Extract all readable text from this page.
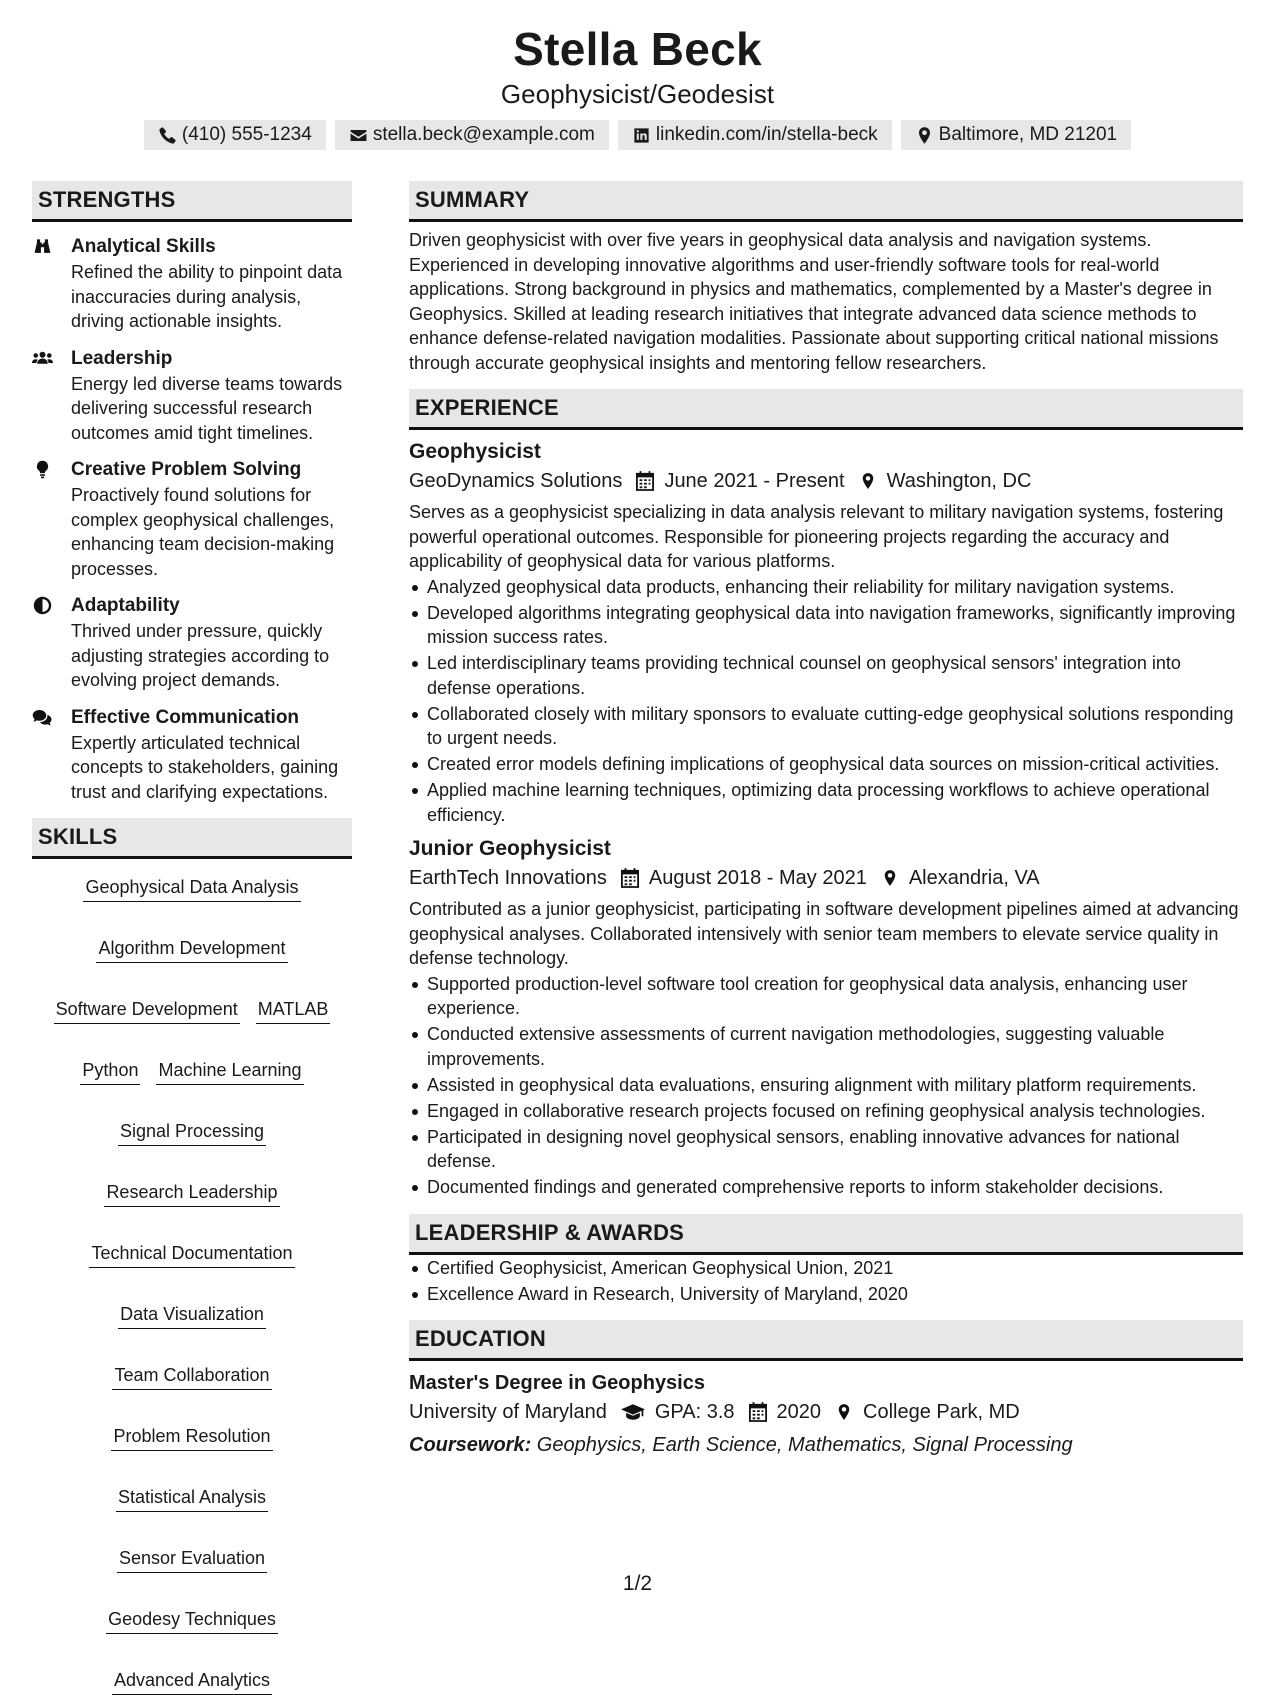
Stella Beck
Geophysicist/Geodesist
(410) 555-1234	stella.beck@example.com	linkedin.com/in/stella-beck	Baltimore, MD 21201
STRENGTHS
Analytical Skills
Refined the ability to pinpoint data inaccuracies during analysis, driving actionable insights.
Leadership
Energy led diverse teams towards delivering successful research outcomes amid tight timelines.
Creative Problem Solving
Proactively found solutions for complex geophysical challenges, enhancing team decision-making processes.
Adaptability
Thrived under pressure, quickly adjusting strategies according to evolving project demands.
Effective Communication
Expertly articulated technical concepts to stakeholders, gaining trust and clarifying expectations.
SKILLS
Geophysical Data Analysis
Algorithm Development
Software Development MATLAB
Python Machine Learning
Signal Processing
Research Leadership
Technical Documentation
Data Visualization
Team Collaboration
Problem Resolution
Statistical Analysis
Sensor Evaluation
Geodesy Techniques
Advanced Analytics
SUMMARY
Driven geophysicist with over five years in geophysical data analysis and navigation systems. Experienced in developing innovative algorithms and user-friendly software tools for real-world applications. Strong background in physics and mathematics, complemented by a Master's degree in Geophysics. Skilled at leading research initiatives that integrate advanced data science methods to enhance defense-related navigation modalities. Passionate about supporting critical national missions through accurate geophysical insights and mentoring fellow researchers.
EXPERIENCE
Geophysicist
GeoDynamics Solutions June 2021 - Present Washington, DC
Serves as a geophysicist specializing in data analysis relevant to military navigation systems, fostering powerful operational outcomes. Responsible for pioneering projects regarding the accuracy and applicability of geophysical data for various platforms.
Analyzed geophysical data products, enhancing their reliability for military navigation systems.
Developed algorithms integrating geophysical data into navigation frameworks, significantly improving mission success rates.
Led interdisciplinary teams providing technical counsel on geophysical sensors' integration into defense operations.
Collaborated closely with military sponsors to evaluate cutting-edge geophysical solutions responding to urgent needs.
Created error models defining implications of geophysical data sources on mission-critical activities.
Applied machine learning techniques, optimizing data processing workflows to achieve operational efficiency.
Junior Geophysicist
EarthTech Innovations August 2018 - May 2021 Alexandria, VA
Contributed as a junior geophysicist, participating in software development pipelines aimed at advancing geophysical analyses. Collaborated intensively with senior team members to elevate service quality in defense technology.
Supported production-level software tool creation for geophysical data analysis, enhancing user experience.
Conducted extensive assessments of current navigation methodologies, suggesting valuable improvements.
Assisted in geophysical data evaluations, ensuring alignment with military platform requirements.
Engaged in collaborative research projects focused on refining geophysical analysis technologies.
Participated in designing novel geophysical sensors, enabling innovative advances for national defense.
Documented findings and generated comprehensive reports to inform stakeholder decisions.
LEADERSHIP & AWARDS
Certified Geophysicist, American Geophysical Union, 2021
Excellence Award in Research, University of Maryland, 2020
EDUCATION
Master's Degree in Geophysics
University of Maryland GPA: 3.8 2020 College Park, MD
Coursework: Geophysics, Earth Science, Mathematics, Signal Processing
1/2
